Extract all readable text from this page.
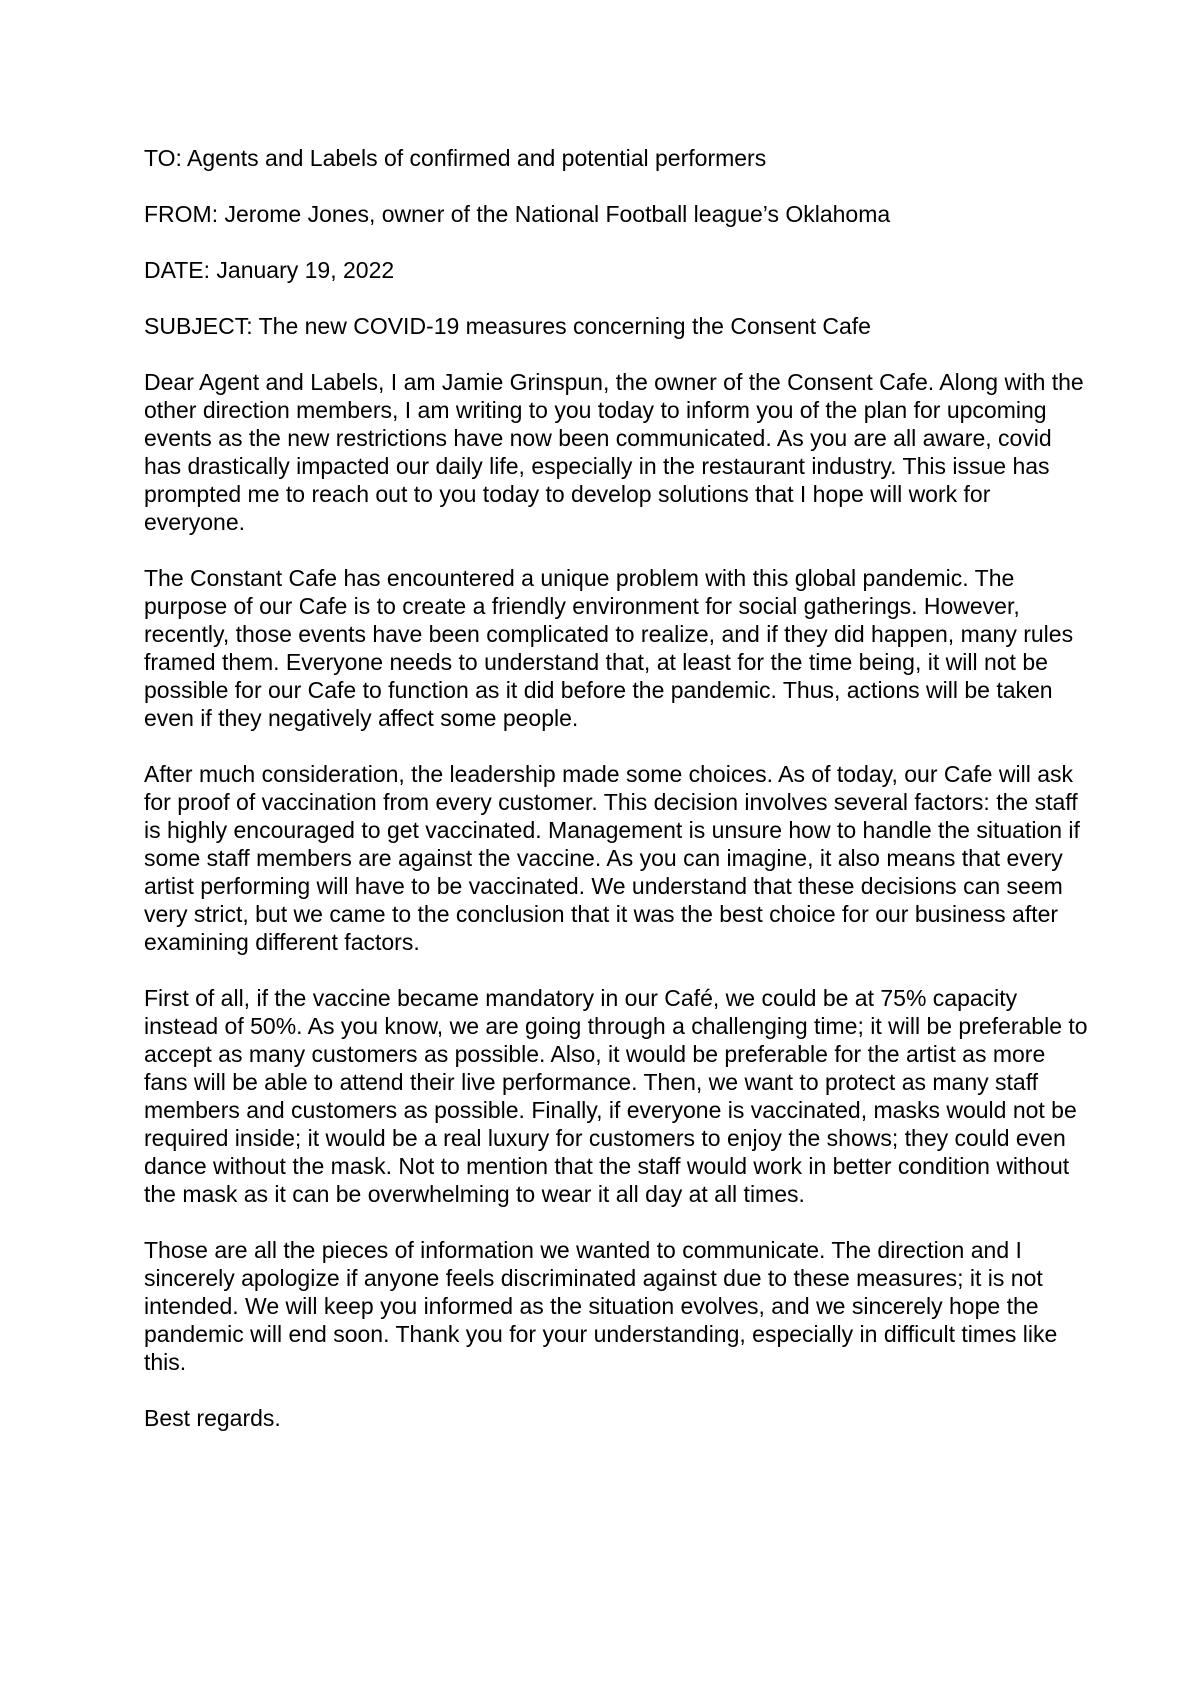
TO: Agents and Labels of confirmed and potential performers

FROM: Jerome Jones, owner of the National Football league’s Oklahoma

DATE: January 19, 2022

SUBJECT: The new COVID-19 measures concerning the Consent Cafe

Dear Agent and Labels, I am Jamie Grinspun, the owner of the Consent Cafe. Along with the other direction members, I am writing to you today to inform you of the plan for upcoming events as the new restrictions have now been communicated. As you are all aware, covid has drastically impacted our daily life, especially in the restaurant industry. This issue has prompted me to reach out to you today to develop solutions that I hope will work for everyone.

The Constant Cafe has encountered a unique problem with this global pandemic. The purpose of our Cafe is to create a friendly environment for social gatherings. However, recently, those events have been complicated to realize, and if they did happen, many rules framed them. Everyone needs to understand that, at least for the time being, it will not be possible for our Cafe to function as it did before the pandemic. Thus, actions will be taken even if they negatively affect some people.

After much consideration, the leadership made some choices. As of today, our Cafe will ask for proof of vaccination from every customer. This decision involves several factors: the staff is highly encouraged to get vaccinated. Management is unsure how to handle the situation if some staff members are against the vaccine. As you can imagine, it also means that every artist performing will have to be vaccinated. We understand that these decisions can seem very strict, but we came to the conclusion that it was the best choice for our business after examining different factors.

First of all, if the vaccine became mandatory in our Café, we could be at 75% capacity instead of 50%. As you know, we are going through a challenging time; it will be preferable to accept as many customers as possible. Also, it would be preferable for the artist as more fans will be able to attend their live performance. Then, we want to protect as many staff members and customers as possible. Finally, if everyone is vaccinated, masks would not be required inside; it would be a real luxury for customers to enjoy the shows; they could even dance without the mask. Not to mention that the staff would work in better condition without the mask as it can be overwhelming to wear it all day at all times.

Those are all the pieces of information we wanted to communicate. The direction and I sincerely apologize if anyone feels discriminated against due to these measures; it is not intended. We will keep you informed as the situation evolves, and we sincerely hope the pandemic will end soon. Thank you for your understanding, especially in difficult times like this.

Best regards.
